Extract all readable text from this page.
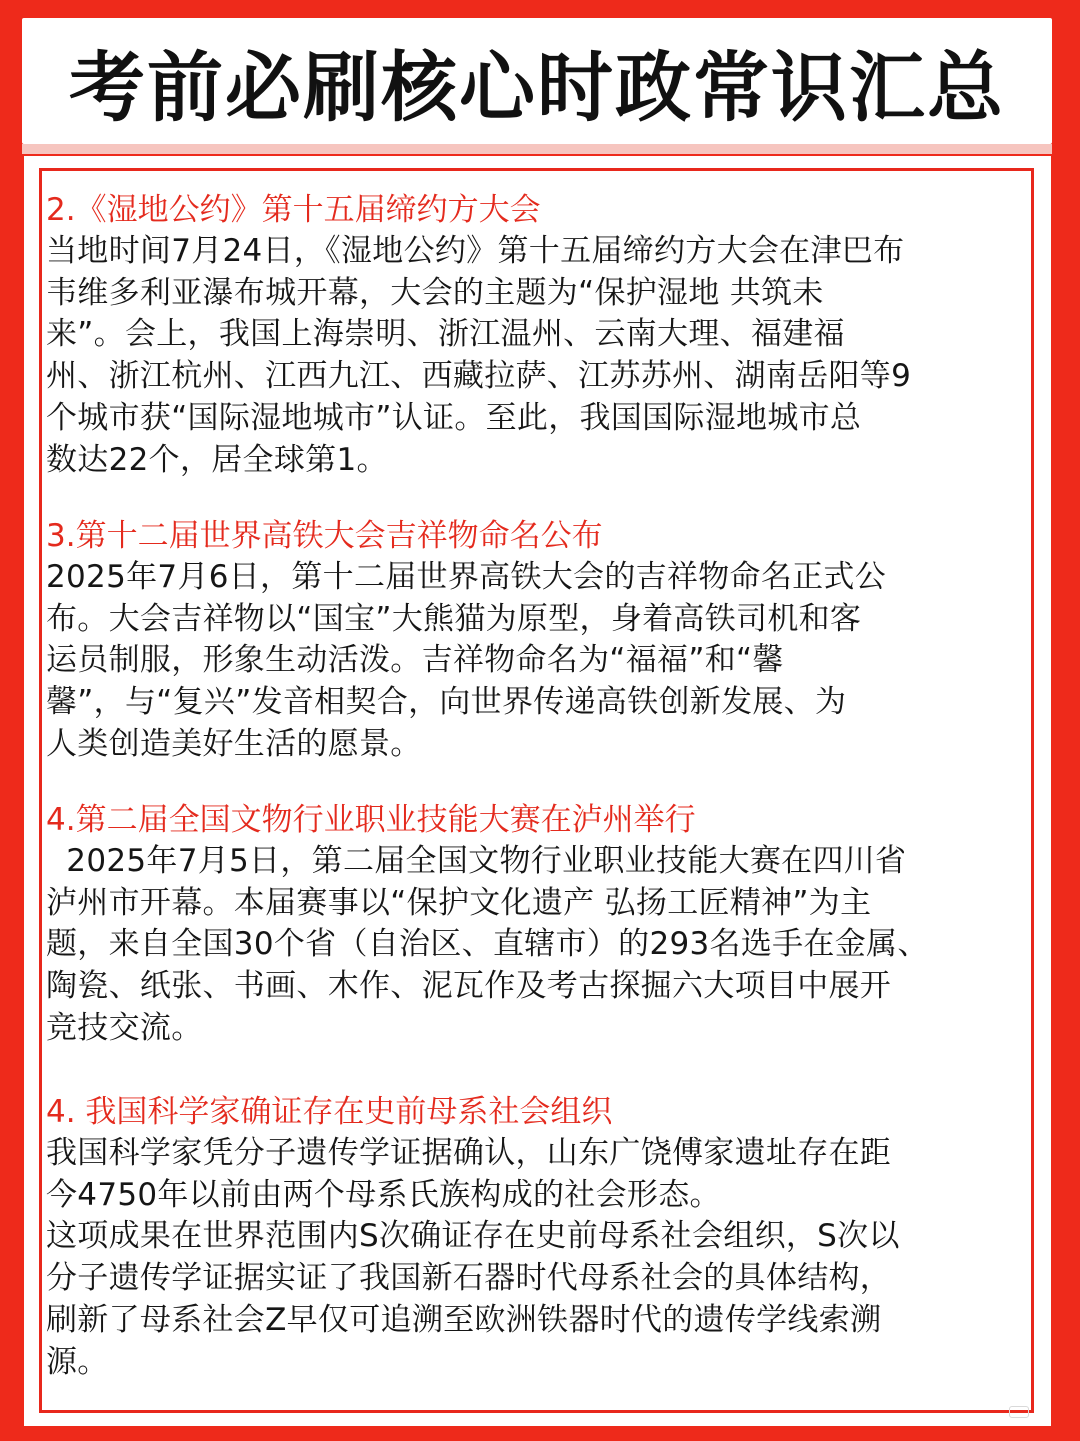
考前必刷核心时政常识汇总
2.《湿地公约》第十五届缔约方大会
当地时间7月24日，《湿地公约》第十五届缔约方大会在津巴布
韦维多利亚瀑布城开幕，大会的主题为“保护湿地 共筑未
来”。会上，我国上海崇明、浙江温州、云南大理、福建福
州、浙江杭州、江西九江、西藏拉萨、江苏苏州、湖南岳阳等9
个城市获“国际湿地城市”认证。至此，我国国际湿地城市总
数达22个，居全球第1。
3.第十二届世界高铁大会吉祥物命名公布
2025年7月6日，第十二届世界高铁大会的吉祥物命名正式公
布。大会吉祥物以“国宝”大熊猫为原型，身着高铁司机和客
运员制服，形象生动活泼。吉祥物命名为“福福”和“馨
馨”，与“复兴”发音相契合，向世界传递高铁创新发展、为
人类创造美好生活的愿景。
4.第二届全国文物行业职业技能大赛在泸州举行
2025年7月5日，第二届全国文物行业职业技能大赛在四川省
泸州市开幕。本届赛事以“保护文化遗产 弘扬工匠精神”为主
题，来自全国30个省（自治区、直辖市）的293名选手在金属、
陶瓷、纸张、书画、木作、泥瓦作及考古探掘六大项目中展开
竞技交流。
4. 我国科学家确证存在史前母系社会组织
我国科学家凭分子遗传学证据确认，山东广饶傅家遗址存在距
今4750年以前由两个母系氏族构成的社会形态。
这项成果在世界范围内S次确证存在史前母系社会组织，S次以
分子遗传学证据实证了我国新石器时代母系社会的具体结构，
刷新了母系社会Z早仅可追溯至欧洲铁器时代的遗传学线索溯
源。
